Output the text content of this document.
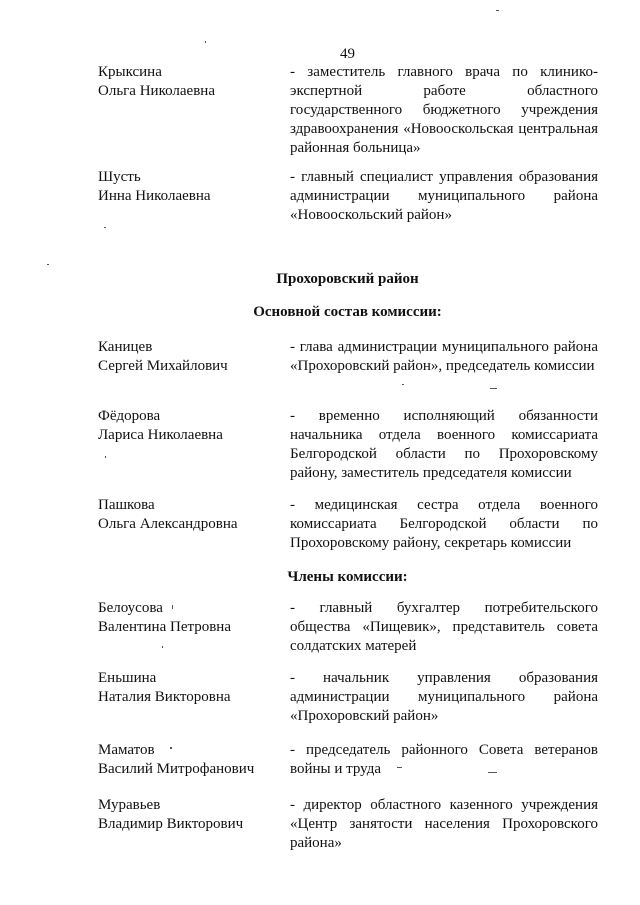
49
Крыксина
Ольга Николаевна
- заместитель главного врача по клинико-экспертной работе областного государственного бюджетного учреждения здравоохранения «Новооскольская центральная районная больница»
Шусть
Инна Николаевна
- главный специалист управления образования администрации муниципального района «Новооскольский район»
Прохоровский район
Основной состав комиссии:
Каницев
Сергей Михайлович
- глава администрации муниципального района «Прохоровский район», председатель комиссии
Фёдорова
Лариса Николаевна
- временно исполняющий обязанности начальника отдела военного комиссариата Белгородской области по Прохоровскому району, заместитель председателя комиссии
Пашкова
Ольга Александровна
- медицинская сестра отдела военного комиссариата Белгородской области по Прохоровскому району, секретарь комиссии
Члены комиссии:
Белоусова
Валентина Петровна
- главный бухгалтер потребительского общества «Пищевик», представитель совета солдатских матерей
Еньшина
Наталия Викторовна
- начальник управления образования администрации муниципального района «Прохоровский район»
Маматов
Василий Митрофанович
- председатель районного Совета ветеранов войны и труда
Муравьев
Владимир Викторович
- директор областного казенного учреждения «Центр занятости населения Прохоровского района»
